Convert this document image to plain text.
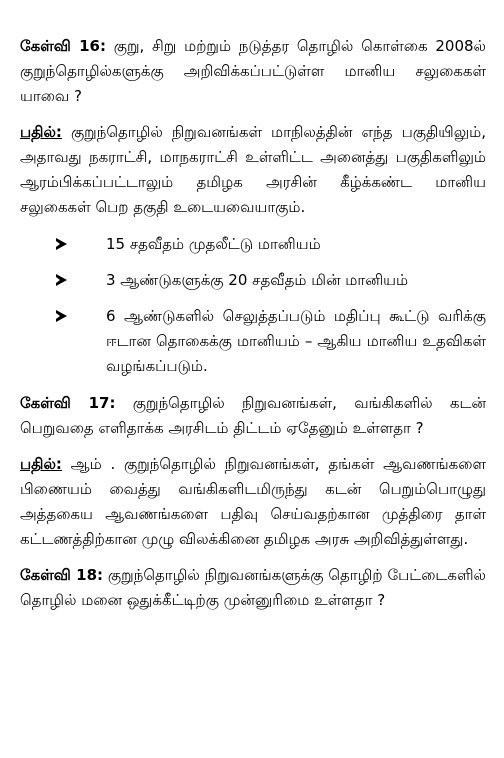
கேள்வி 16: குறு, சிறு மற்றும் நடுத்தர தொழில் கொள்கை 2008ல் குறுந்தொழில்களுக்கு அறிவிக்கப்பட்டுள்ள மானிய சலுகைகள் யாவை ?

பதில்: குறுந்தொழில் நிறுவனங்கள் மாநிலத்தின் எந்த பகுதியிலும், அதாவது நகராட்சி, மாநகராட்சி உள்ளிட்ட அனைத்து பகுதிகளிலும் ஆரம்பிக்கப்பட்டாலும் தமிழக அரசின் கீழ்க்கண்ட மானிய சலுகைகள் பெற தகுதி உடையவையாகும்.

15 சதவீதம் முதலீட்டு மானியம்
3 ஆண்டுகளுக்கு 20 சதவீதம் மின் மானியம்
6 ஆண்டுகளில் செலுத்தப்படும் மதிப்பு கூட்டு வரிக்கு ஈடான தொகைக்கு மானியம் – ஆகிய மானிய உதவிகள் வழங்கப்படும்.

கேள்வி 17: குறுந்தொழில் நிறுவனங்கள், வங்கிகளில் கடன் பெறுவதை எளிதாக்க அரசிடம் திட்டம் ஏதேனும் உள்ளதா ?

பதில்: ஆம் . குறுந்தொழில் நிறுவனங்கள், தங்கள் ஆவணங்களை பிணையம் வைத்து வங்கிகளிடமிருந்து கடன் பெறும்பொழுது அத்தகைய ஆவணங்களை பதிவு செய்வதற்கான முத்திரை தாள் கட்டணத்திற்கான முழு விலக்கினை தமிழக அரசு அறிவித்துள்ளது.

கேள்வி 18: குறுந்தொழில் நிறுவனங்களுக்கு தொழிற் பேட்டைகளில் தொழில் மனை ஒதுக்கீட்டிற்கு முன்னுரிமை உள்ளதா ?
